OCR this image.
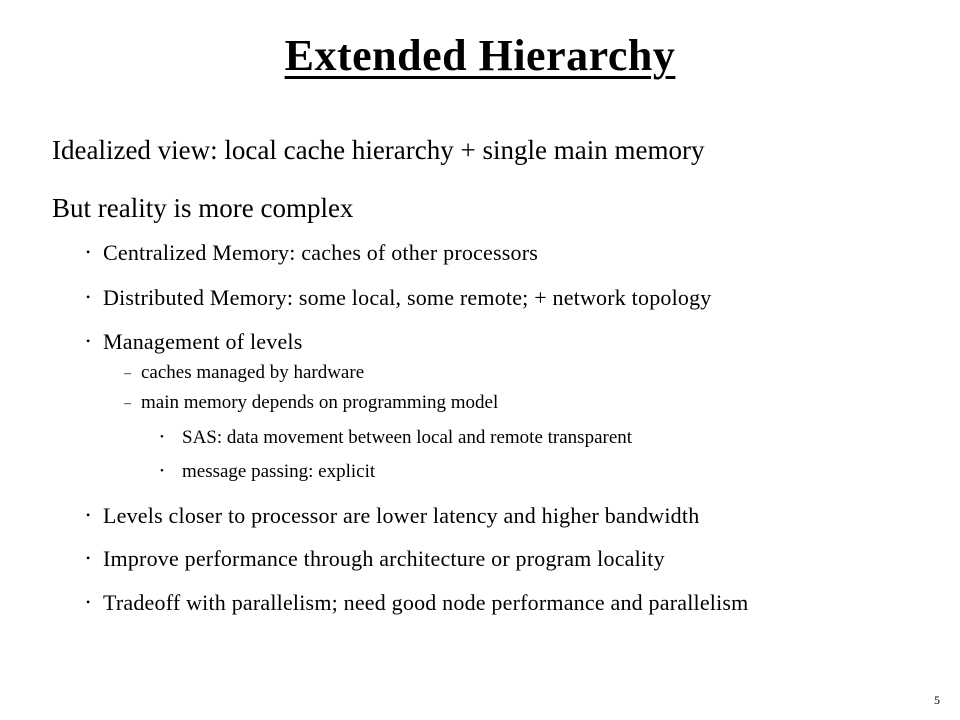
Extended Hierarchy
Idealized view: local cache hierarchy + single main memory
But reality is more complex
• Centralized Memory: caches of other processors
• Distributed Memory: some local, some remote; + network topology
• Management of levels
– caches managed by hardware
– main memory depends on programming model
• SAS: data movement between local and remote transparent
• message passing: explicit
• Levels closer to processor are lower latency and higher bandwidth
• Improve performance through architecture or program locality
• Tradeoff with parallelism; need good node performance and parallelism
5
